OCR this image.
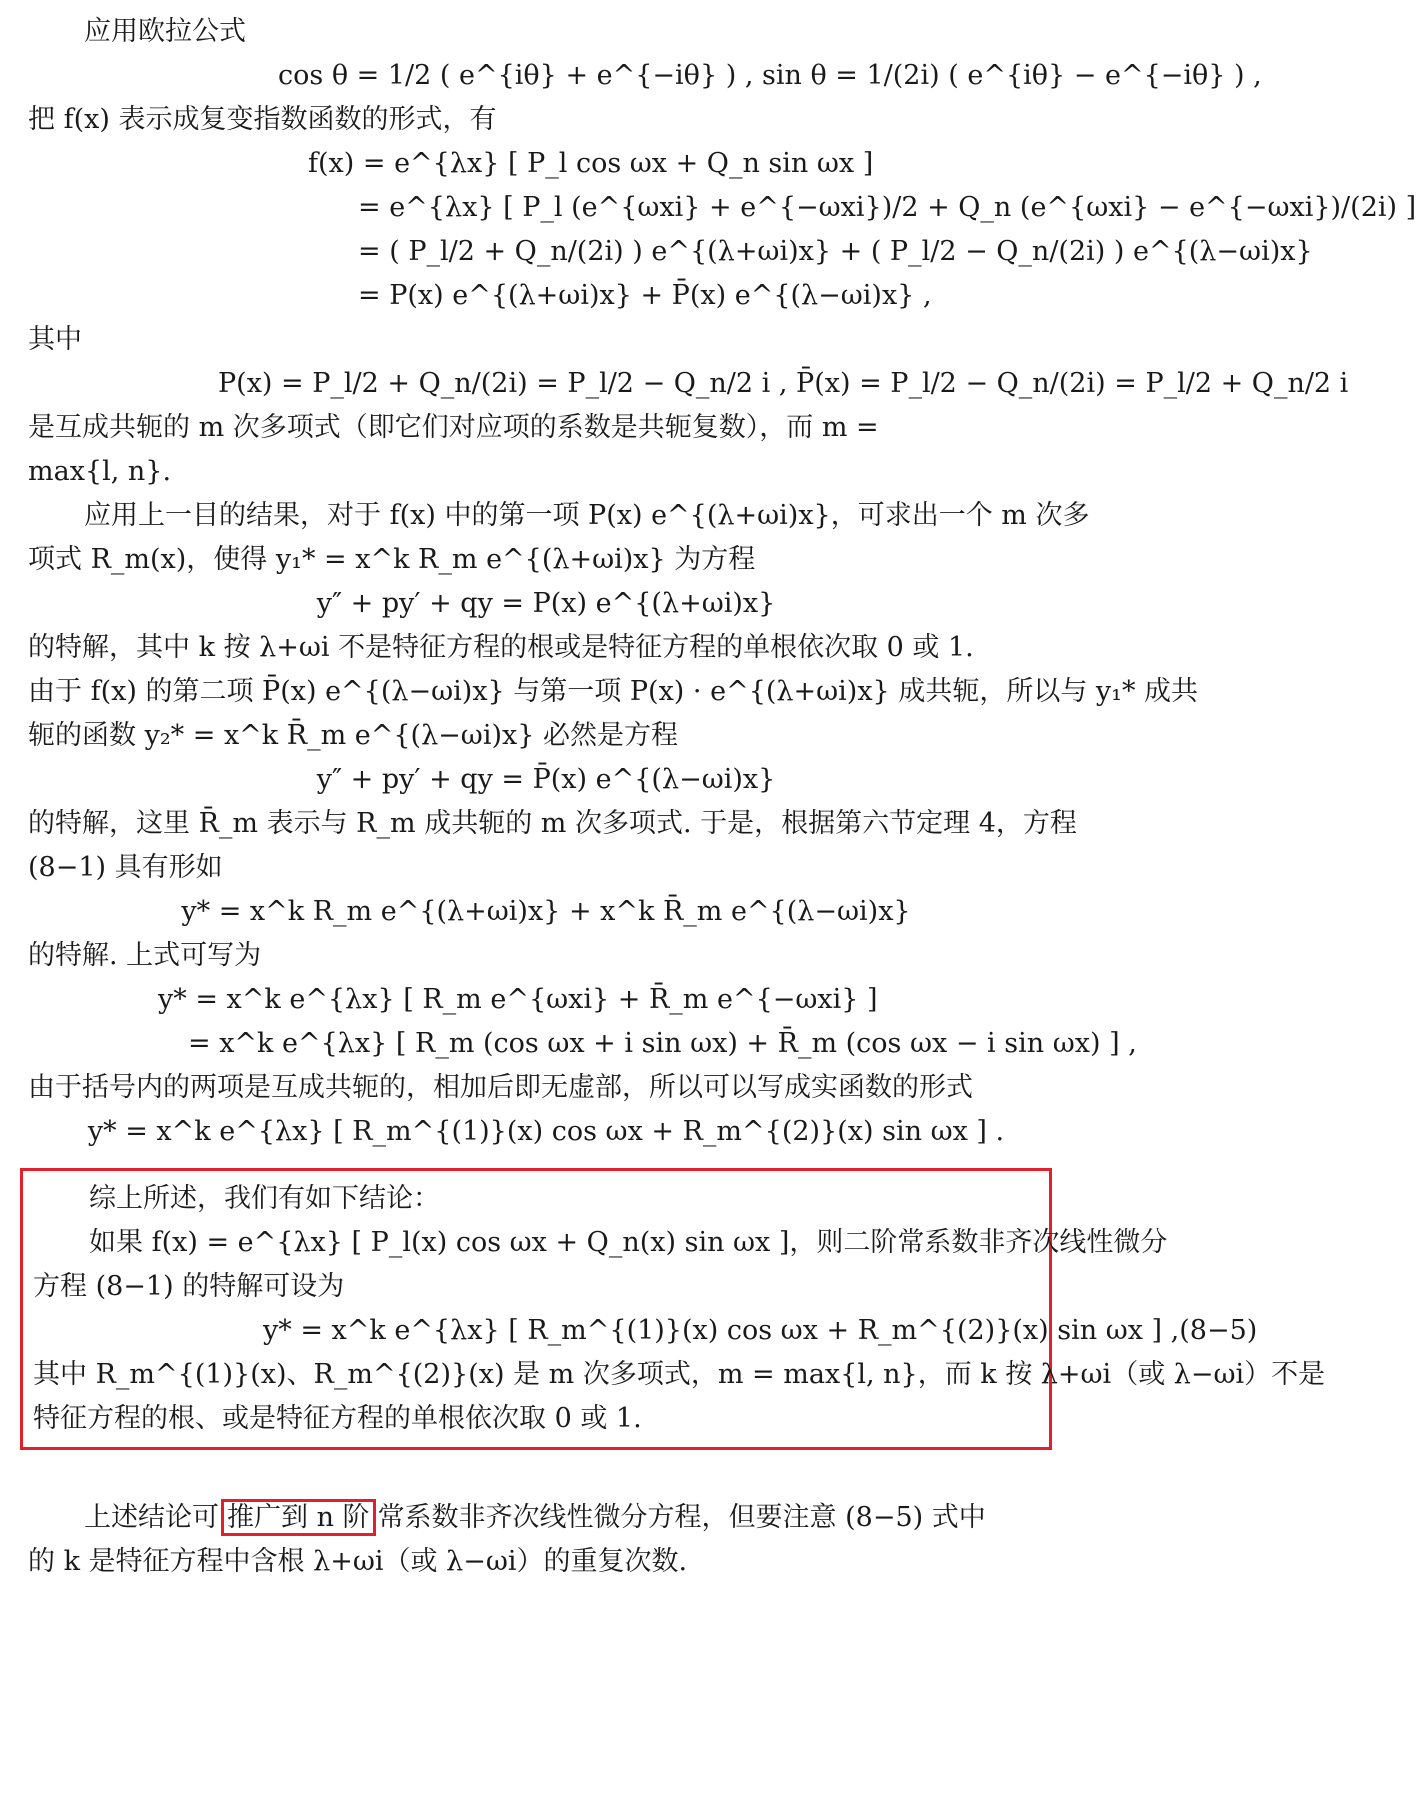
应用欧拉公式

cos θ = 1/2 ( e^{iθ} + e^{−iθ} ) , sin θ = 1/(2i) ( e^{iθ} − e^{−iθ} ) ,

把 f(x) 表示成复变指数函数的形式，有

f(x) = e^{λx} [ P_l cos ωx + Q_n sin ωx ]

= e^{λx} [ P_l (e^{ωxi} + e^{−ωxi})/2 + Q_n (e^{ωxi} − e^{−ωxi})/(2i) ]

= ( P_l/2 + Q_n/(2i) ) e^{(λ+ωi)x} + ( P_l/2 − Q_n/(2i) ) e^{(λ−ωi)x}

= P(x) e^{(λ+ωi)x} + P̄(x) e^{(λ−ωi)x} ,

其中

P(x) = P_l/2 + Q_n/(2i) = P_l/2 − Q_n/2 i , P̄(x) = P_l/2 − Q_n/(2i) = P_l/2 + Q_n/2 i

是互成共轭的 m 次多项式（即它们对应项的系数是共轭复数），而 m =

max{l, n}.

应用上一目的结果，对于 f(x) 中的第一项 P(x) e^{(λ+ωi)x}，可求出一个 m 次多

项式 R_m(x)，使得 y₁* = x^k R_m e^{(λ+ωi)x} 为方程

y″ + py′ + qy = P(x) e^{(λ+ωi)x}

的特解，其中 k 按 λ+ωi 不是特征方程的根或是特征方程的单根依次取 0 或 1.

由于 f(x) 的第二项 P̄(x) e^{(λ−ωi)x} 与第一项 P(x) · e^{(λ+ωi)x} 成共轭，所以与 y₁* 成共

轭的函数 y₂* = x^k R̄_m e^{(λ−ωi)x} 必然是方程

y″ + py′ + qy = P̄(x) e^{(λ−ωi)x}

的特解，这里 R̄_m 表示与 R_m 成共轭的 m 次多项式. 于是，根据第六节定理 4，方程

(8−1) 具有形如

y* = x^k R_m e^{(λ+ωi)x} + x^k R̄_m e^{(λ−ωi)x}

的特解. 上式可写为

y* = x^k e^{λx} [ R_m e^{ωxi} + R̄_m e^{−ωxi} ]

= x^k e^{λx} [ R_m (cos ωx + i sin ωx) + R̄_m (cos ωx − i sin ωx) ] ,

由于括号内的两项是互成共轭的，相加后即无虚部，所以可以写成实函数的形式

y* = x^k e^{λx} [ R_m^{(1)}(x) cos ωx + R_m^{(2)}(x) sin ωx ] .

综上所述，我们有如下结论：

如果 f(x) = e^{λx} [ P_l(x) cos ωx + Q_n(x) sin ωx ]，则二阶常系数非齐次线性微分

方程 (8−1) 的特解可设为

y* = x^k e^{λx} [ R_m^{(1)}(x) cos ωx + R_m^{(2)}(x) sin ωx ] , (8−5)

其中 R_m^{(1)}(x)、R_m^{(2)}(x) 是 m 次多项式，m = max{l, n}，而 k 按 λ+ωi（或 λ−ωi）不是

特征方程的根、或是特征方程的单根依次取 0 或 1.

上述结论可 推广到 n 阶 常系数非齐次线性微分方程，但要注意 (8−5) 式中

的 k 是特征方程中含根 λ+ωi（或 λ−ωi）的重复次数.
